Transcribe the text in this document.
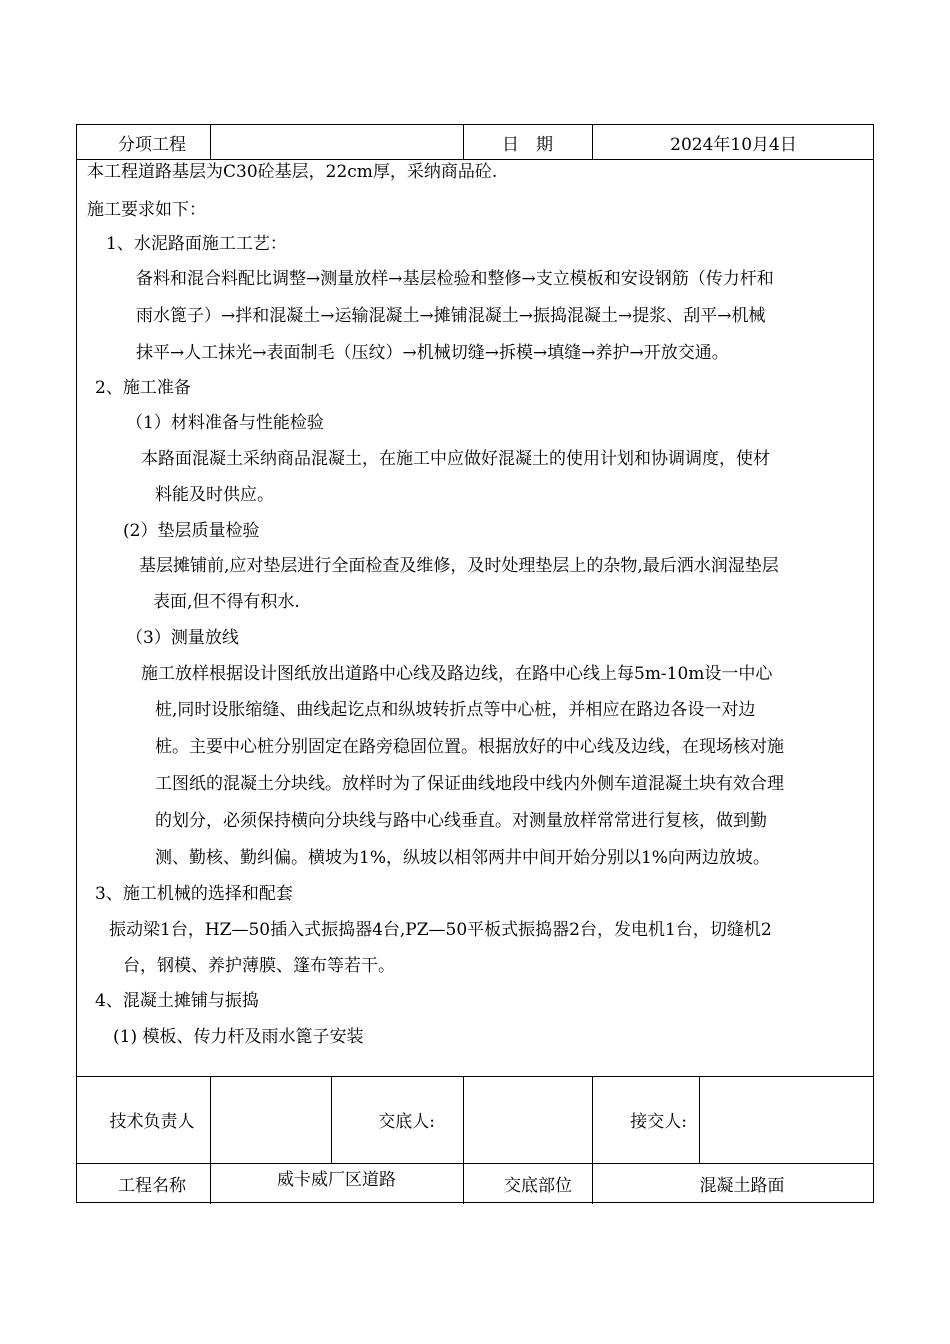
分项工程	日　期	2024年10月4日
本工程道路基层为C30砼基层，22cm厚，采纳商品砼.
施工要求如下：
1、水泥路面施工工艺：
备料和混合料配比调整→测量放样→基层检验和整修→支立模板和安设钢筋（传力杆和
雨水篦子）→拌和混凝土→运输混凝土→摊铺混凝土→振捣混凝土→提浆、刮平→机械
抹平→人工抹光→表面制毛（压纹）→机械切缝→拆模→填缝→养护→开放交通。
2、施工准备
（1）材料准备与性能检验
本路面混凝土采纳商品混凝土，在施工中应做好混凝土的使用计划和协调调度，使材
料能及时供应。
(2）垫层质量检验
基层摊铺前,应对垫层进行全面检查及维修，及时处理垫层上的杂物,最后洒水润湿垫层
表面,但不得有积水.
（3）测量放线
施工放样根据设计图纸放出道路中心线及路边线，在路中心线上每5m-10m设一中心
桩,同时设胀缩缝、曲线起讫点和纵坡转折点等中心桩，并相应在路边各设一对边
桩。主要中心桩分别固定在路旁稳固位置。根据放好的中心线及边线，在现场核对施
工图纸的混凝土分块线。放样时为了保证曲线地段中线内外侧车道混凝土块有效合理
的划分，必须保持横向分块线与路中心线垂直。对测量放样常常进行复核，做到勤
测、勤核、勤纠偏。横坡为1%，纵坡以相邻两井中间开始分别以1%向两边放坡。
3、施工机械的选择和配套
振动梁1台，HZ—50插入式振捣器4台,PZ—50平板式振捣器2台，发电机1台，切缝机2
台，钢模、养护薄膜、篷布等若干。
4、混凝土摊铺与振捣
(1) 模板、传力杆及雨水篦子安装
技术负责人	交底人:	接交人:
工程名称	威卡威厂区道路	交底部位	混凝土路面
